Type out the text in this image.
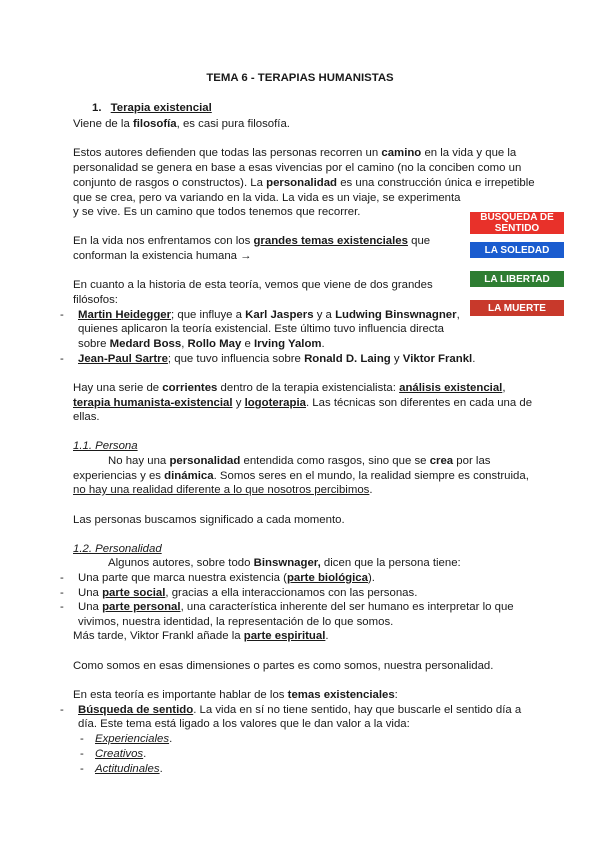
TEMA 6 - TERAPIAS HUMANISTAS
1. Terapia existencial
Viene de la filosofía, es casi pura filosofía.
Estos autores defienden que todas las personas recorren un camino en la vida y que la
personalidad se genera en base a esas vivencias por el camino (no la conciben como un
conjunto de rasgos o constructos). La personalidad es una construcción única e irrepetible
que se crea, pero va variando en la vida. La vida es un viaje, se experimenta
y se vive. Es un camino que todos tenemos que recorrer.
En la vida nos enfrentamos con los grandes temas existenciales que
conforman la existencia humana →
BÚSQUEDA DE SENTIDO
LA SOLEDAD
LA LIBERTAD
LA MUERTE
En cuanto a la historia de esta teoría, vemos que viene de dos grandes
filósofos:
- Martin Heidegger; que influye a Karl Jaspers y a Ludwing Binswnagner,
quienes aplicaron la teoría existencial. Este último tuvo influencia directa
sobre Medard Boss, Rollo May e Irving Yalom.
- Jean-Paul Sartre; que tuvo influencia sobre Ronald D. Laing y Viktor Frankl.
Hay una serie de corrientes dentro de la terapia existencialista: análisis existencial,
terapia humanista-existencial y logoterapia. Las técnicas son diferentes en cada una de
ellas.
1.1. Persona
No hay una personalidad entendida como rasgos, sino que se crea por las
experiencias y es dinámica. Somos seres en el mundo, la realidad siempre es construida,
no hay una realidad diferente a lo que nosotros percibimos.
Las personas buscamos significado a cada momento.
1.2. Personalidad
Algunos autores, sobre todo Binswnager, dicen que la persona tiene:
- Una parte que marca nuestra existencia (parte biológica).
- Una parte social, gracias a ella interaccionamos con las personas.
- Una parte personal, una característica inherente del ser humano es interpretar lo que
vivimos, nuestra identidad, la representación de lo que somos.
Más tarde, Viktor Frankl añade la parte espiritual.
Como somos en esas dimensiones o partes es como somos, nuestra personalidad.
En esta teoría es importante hablar de los temas existenciales:
- Búsqueda de sentido. La vida en sí no tiene sentido, hay que buscarle el sentido día a
día. Este tema está ligado a los valores que le dan valor a la vida:
- Experienciales.
- Creativos.
- Actitudinales.
